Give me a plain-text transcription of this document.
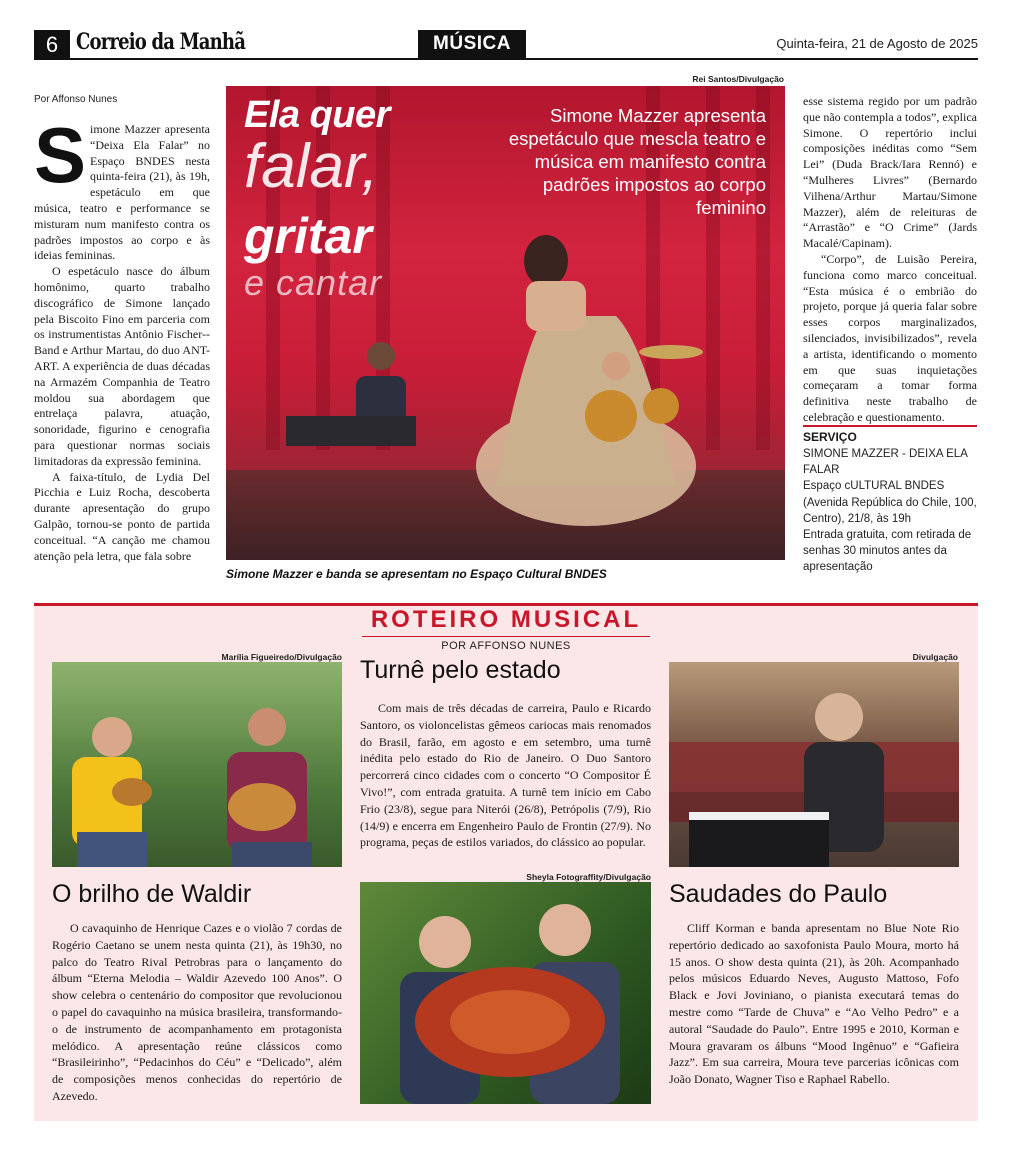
6 Correio da Manhã	MÚSICA	Quinta-feira, 21 de Agosto de 2025
Por Affonso Nunes

Simone Mazzer apresenta “Deixa Ela Falar” no Espaço BNDES nesta quinta-feira (21), às 19h, espetáculo em que música, teatro e performance se misturam num manifesto contra os padrões impostos ao corpo e às ideias femininas.

O espetáculo nasce do álbum homônimo, quarto trabalho discográfico de Simone lançado pela Biscoito Fino em parceria com os instrumentistas Antônio Fischer--Band e Arthur Martau, do duo ANT-ART. A experiência de duas décadas na Armazém Companhia de Teatro moldou sua abordagem que entrelaça palavra, atuação, sonoridade, figurino e cenografia para questionar normas sociais limitadoras da expressão feminina.

A faixa-título, de Lydia Del Picchia e Luiz Rocha, descoberta durante apresentação do grupo Galpão, tornou-se ponto de partida conceitual. “A canção me chamou atenção pela letra, que fala sobre

Rei Santos/Divulgação
Ela quer
falar,
gritar
e cantar
Simone Mazzer apresenta espetáculo que mescla teatro e música em manifesto contra padrões impostos ao corpo feminino
Simone Mazzer e banda se apresentam no Espaço Cultural BNDES

esse sistema regido por um padrão que não contempla a todos”, explica Simone. O repertório inclui composições inéditas como “Sem Lei” (Duda Brack/Iara Rennó) e “Mulheres Livres” (Bernardo Vilhena/Arthur Martau/Simone Mazzer), além de releituras de “Arrastão” e “O Crime” (Jards Macalé/Capinam).

“Corpo”, de Luisão Pereira, funciona como marco conceitual. “Esta música é o embrião do projeto, porque já queria falar sobre esses corpos marginalizados, silenciados, invisibilizados”, revela a artista, identificando o momento em que suas inquietações começaram a tomar forma definitiva neste trabalho de celebração e questionamento.

SERVIÇO
SIMONE MAZZER - DEIXA ELA FALAR
Espaço cULTURAL BNDES (Avenida República do Chile, 100, Centro), 21/8, às 19h
Entrada gratuita, com retirada de senhas 30 minutos antes da apresentação
ROTEIRO MUSICAL
POR AFFONSO NUNES
Marília Figueiredo/Divulgação
O brilho de Waldir

O cavaquinho de Henrique Cazes e o violão 7 cordas de Rogério Caetano se unem nesta quinta (21), às 19h30, no palco do Teatro Rival Petrobras para o lançamento do álbum “Eterna Melodia – Waldir Azevedo 100 Anos”. O show celebra o centenário do compositor que revolucionou o papel do cavaquinho na música brasileira, transformando-o de instrumento de acompanhamento em protagonista melódico. A apresentação reúne clássicos como “Brasileirinho”, “Pedacinhos do Céu” e “Delicado”, além de composições menos conhecidas do repertório de Azevedo.

Turnê pelo estado

Com mais de três décadas de carreira, Paulo e Ricardo Santoro, os violoncelistas gêmeos cariocas mais renomados do Brasil, farão, em agosto e em setembro, uma turnê inédita pelo estado do Rio de Janeiro. O Duo Santoro percorrerá cinco cidades com o concerto “O Compositor É Vivo!”, com entrada gratuita. A turnê tem início em Cabo Frio (23/8), segue para Niterói (26/8), Petrópolis (7/9), Rio (14/9) e encerra em Engenheiro Paulo de Frontin (27/9). No programa, peças de estilos variados, do clássico ao popular.

Sheyla Fotograffity/Divulgação
Divulgação
Saudades do Paulo

Cliff Korman e banda apresentam no Blue Note Rio repertório dedicado ao saxofonista Paulo Moura, morto há 15 anos. O show desta quinta (21), às 20h. Acompanhado pelos músicos Eduardo Neves, Augusto Mattoso, Fofo Black e Jovi Joviniano, o pianista executará temas do mestre como “Tarde de Chuva” e “Ao Velho Pedro” e a autoral “Saudade do Paulo”. Entre 1995 e 2010, Korman e Moura gravaram os álbuns “Mood Ingênuo” e “Gafieira Jazz”. Em sua carreira, Moura teve parcerias icônicas com João Donato, Wagner Tiso e Raphael Rabello.
